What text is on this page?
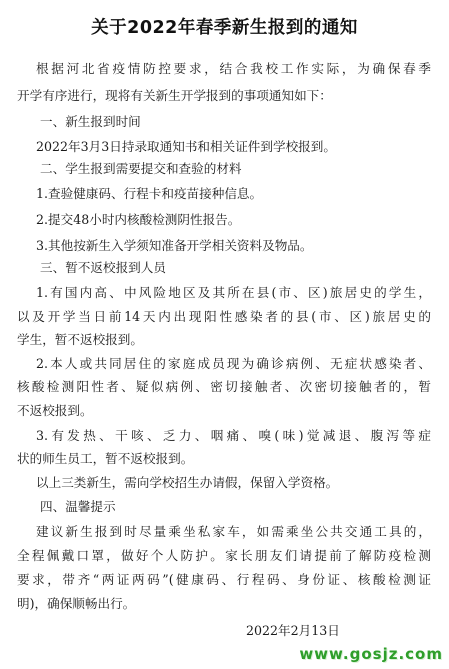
关于2022年春季新生报到的通知
根据河北省疫情防控要求，结合我校工作实际，为确保春季
开学有序进行，现将有关新生开学报到的事项通知如下：
一、新生报到时间
2022年3月3日持录取通知书和相关证件到学校报到。
二、学生报到需要提交和查验的材料
1.查验健康码、行程卡和疫苗接种信息。
2.提交48小时内核酸检测阴性报告。
3.其他按新生入学须知准备开学相关资料及物品。
三、暂不返校报到人员
1.有国内高、中风险地区及其所在县(市、区)旅居史的学生，
以及开学当日前14天内出现阳性感染者的县(市、区)旅居史的
学生，暂不返校报到。
2.本人或共同居住的家庭成员现为确诊病例、无症状感染者、
核酸检测阳性者、疑似病例、密切接触者、次密切接触者的，暂
不返校报到。
3.有发热、干咳、乏力、咽痛、嗅(味)觉减退、腹泻等症
状的师生员工，暂不返校报到。
以上三类新生，需向学校招生办请假，保留入学资格。
四、温馨提示
建议新生报到时尽量乘坐私家车，如需乘坐公共交通工具的，
全程佩戴口罩，做好个人防护。家长朋友们请提前了解防疫检测
要求，带齐“两证两码”(健康码、行程码、身份证、核酸检测证
明)，确保顺畅出行。
2022年2月13日
www.gosjz.com
